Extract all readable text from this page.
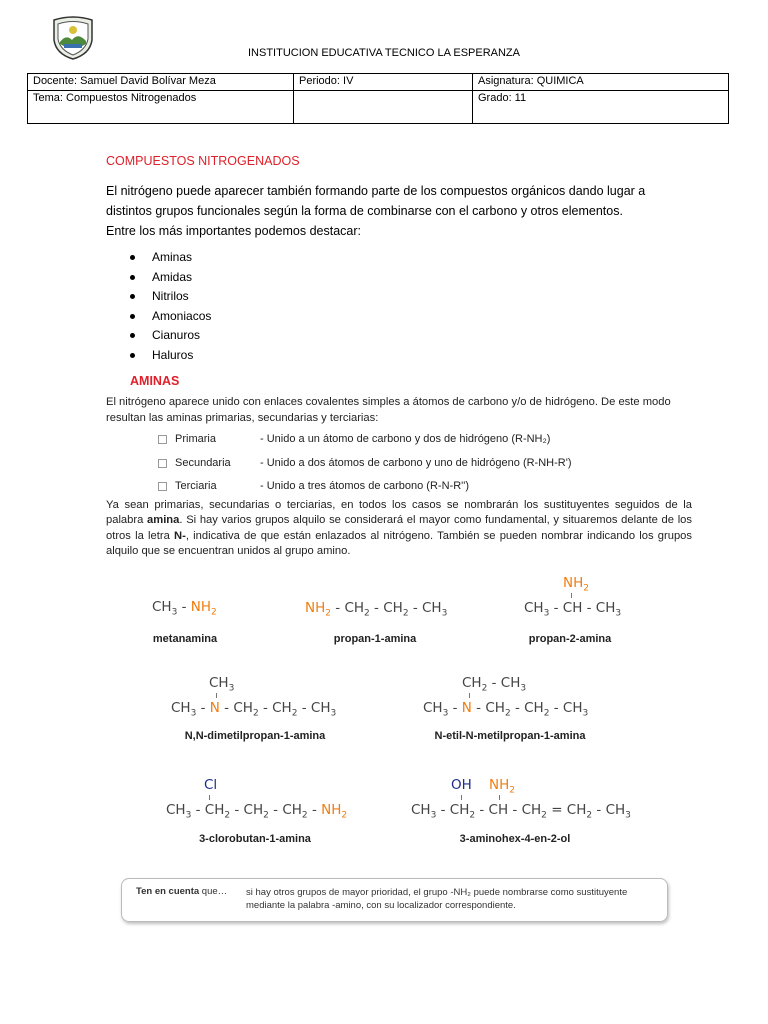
INSTITUCION EDUCATIVA TECNICO LA ESPERANZA
Docente: Samuel David Bolívar Meza	Periodo: IV	Asignatura: QUIMICA
Tema: Compuestos Nitrogenados		Grado: 11
COMPUESTOS NITROGENADOS
El nitrógeno puede aparecer también formando parte de los compuestos orgánicos dando lugar a distintos grupos funcionales según la forma de combinarse con el carbono y otros elementos.
Entre los más importantes podemos destacar:
Aminas
Amidas
Nitrilos
Amoniacos
Cianuros
Haluros
AMINAS
El nitrógeno aparece unido con enlaces covalentes simples a átomos de carbono y/o de hidrógeno. De este modo resultan las aminas primarias, secundarias y terciarias:
Primaria	- Unido a un átomo de carbono y dos de hidrógeno (R-NH₂)
Secundaria	- Unido a dos átomos de carbono y uno de hidrógeno (R-NH-R')
Terciaria	- Unido a tres átomos de carbono (R-N-R'')
Ya sean primarias, secundarias o terciarias, en todos los casos se nombrarán los sustituyentes seguidos de la palabra amina. Si hay varios grupos alquilo se considerará el mayor como fundamental, y situaremos delante de los otros la letra N-, indicativa de que están enlazados al nitrógeno. También se pueden nombrar indicando los grupos alquilo que se encuentran unidos al grupo amino.
$CH_3 - NH_2$
metanamina
$NH_2 - CH_2 - CH_2 - CH_3$
propan-1-amina
$NH_2$
$CH_3$ - CH - $CH_3$
propan-2-amina
$CH_3$
$CH_3$ - N - $CH_2 - CH_2 - CH_3$
N,N-dimetilpropan-1-amina
$CH_2 - CH_3$
$CH_3$ - N - $CH_2 - CH_2 - CH_3$
N-etil-N-metilpropan-1-amina
Cl
$CH_3 - CH_2 - CH_2 - CH_2 - NH_2$
3-clorobutan-1-amina
OH $NH_2$
$CH_3 - CH_2$ - CH - $CH_2 = CH_2 - CH_3$
3-aminohex-4-en-2-ol
Ten en cuenta que… si hay otros grupos de mayor prioridad, el grupo -NH₂ puede nombrarse como sustituyente mediante la palabra -amino, con su localizador correspondiente.
